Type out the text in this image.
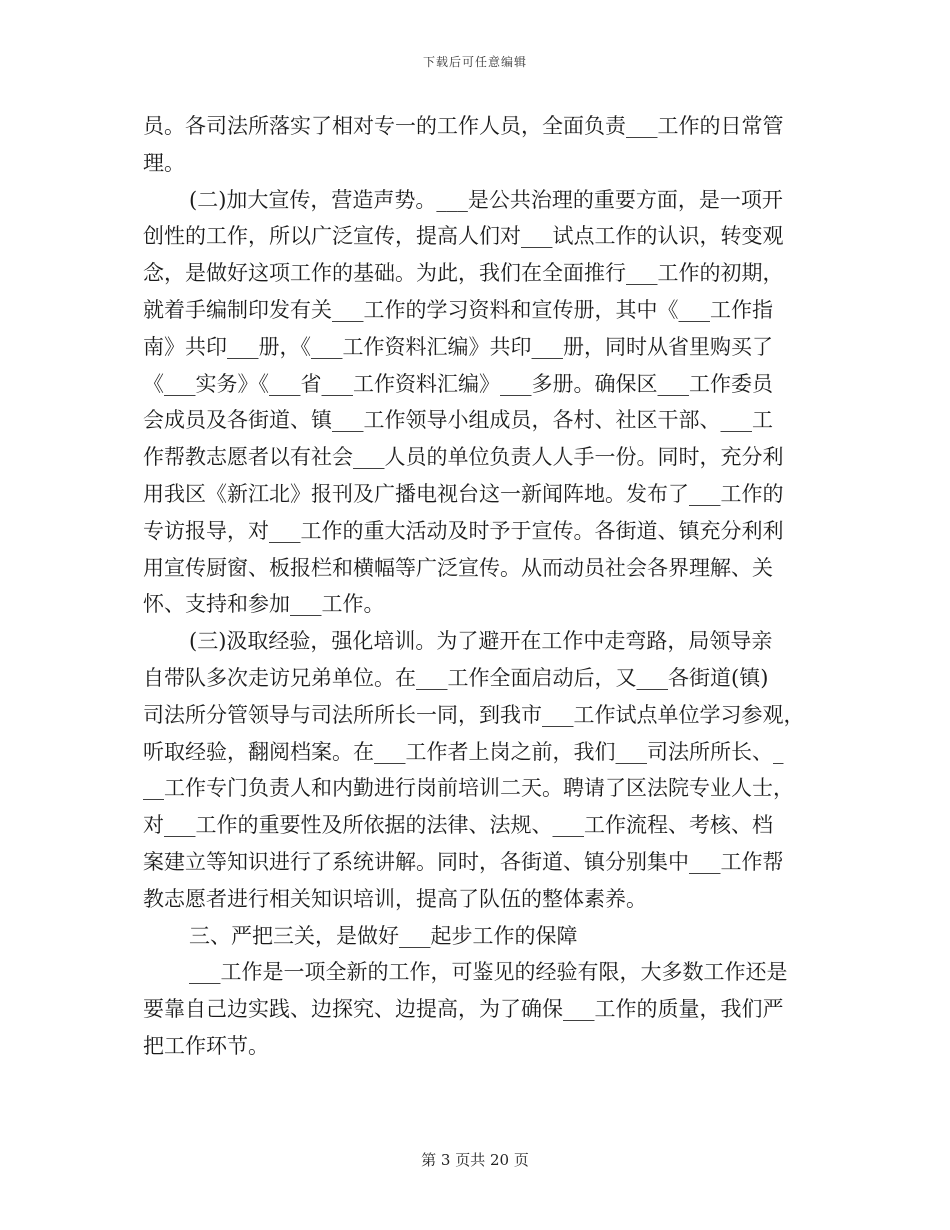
下载后可任意编辑
员。各司法所落实了相对专一的工作人员，全面负责___工作的日常管
理。
(二)加大宣传，营造声势。___是公共治理的重要方面，是一项开
创性的工作，所以广泛宣传，提高人们对___试点工作的认识，转变观
念，是做好这项工作的基础。为此，我们在全面推行___工作的初期，
就着手编制印发有关___工作的学习资料和宣传册，其中《___工作指
南》共印___册，《___工作资料汇编》共印___册，同时从省里购买了
《___实务》《___省___工作资料汇编》___多册。确保区___工作委员
会成员及各街道、镇___工作领导小组成员，各村、社区干部、___工
作帮教志愿者以有社会___人员的单位负责人人手一份。同时，充分利
用我区《新江北》报刊及广播电视台这一新闻阵地。发布了___工作的
专访报导，对___工作的重大活动及时予于宣传。各街道、镇充分利利
用宣传厨窗、板报栏和横幅等广泛宣传。从而动员社会各界理解、关
怀、支持和参加___工作。
(三)汲取经验，强化培训。为了避开在工作中走弯路，局领导亲
自带队多次走访兄弟单位。在___工作全面启动后，又___各街道(镇)
司法所分管领导与司法所所长一同，到我市___工作试点单位学习参观，
听取经验，翻阅档案。在___工作者上岗之前，我们___司法所所长、_
__工作专门负责人和内勤进行岗前培训二天。聘请了区法院专业人士，
对___工作的重要性及所依据的法律、法规、___工作流程、考核、档
案建立等知识进行了系统讲解。同时，各街道、镇分别集中___工作帮
教志愿者进行相关知识培训，提高了队伍的整体素养。
三、严把三关，是做好___起步工作的保障
___工作是一项全新的工作，可鉴见的经验有限，大多数工作还是
要靠自己边实践、边探究、边提高，为了确保___工作的质量，我们严
把工作环节。
第 3 页共 20 页
